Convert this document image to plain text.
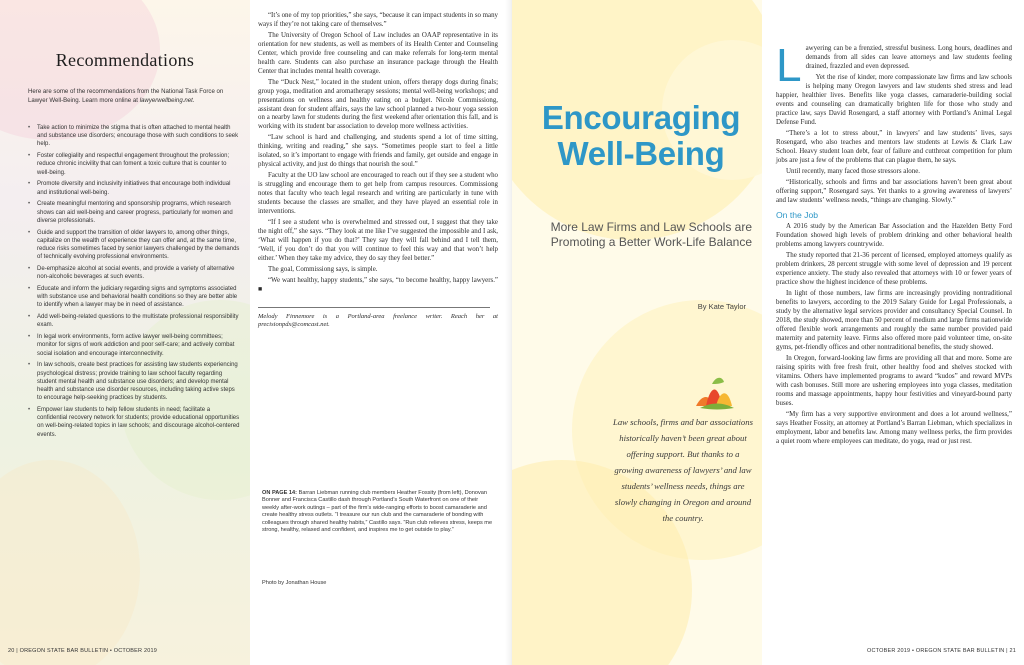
Recommendations

Here are some of the recommendations from the National Task Force on Lawyer Well-Being. Learn more online at lawyerwellbeing.net.

• Take action to minimize the stigma that is often attached to mental health and substance use disorders; encourage those with such conditions to seek help.
• Foster collegiality and respectful engagement throughout the profession; reduce chronic incivility that can foment a toxic culture that is counter to well-being.
• Promote diversity and inclusivity initiatives that encourage both individual and institutional well-being.
• Create meaningful mentoring and sponsorship programs, which research shows can aid well-being and career progress, particularly for women and diverse professionals.
• Guide and support the transition of older lawyers to, among other things, capitalize on the wealth of experience they can offer and, at the same time, reduce risks sometimes faced by senior lawyers challenged by the demands of technically evolving professional environments.
• De-emphasize alcohol at social events, and provide a variety of alternative non-alcoholic beverages at such events.
• Educate and inform the judiciary regarding signs and symptoms associated with substance use and behavioral health conditions so they are better able to identify when a lawyer may be in need of assistance.
• Add well-being-related questions to the multistate professional responsibility exam.
• In legal work environments, form active lawyer well-being committees; monitor for signs of work addiction and poor self-care; and actively combat social isolation and encourage interconnectivity.
• In law schools, create best practices for assisting law students experiencing psychological distress; provide training to law school faculty regarding student mental health and substance use disorders; and develop mental health and substance use disorder resources, including taking active steps to encourage help-seeking practices by students.
• Empower law students to help fellow students in need; facilitate a confidential recovery network for students; provide educational opportunities on well-being-related topics in law schools; and discourage alcohol-centered events.

“It’s one of my top priorities,” she says, “because it can impact students in so many ways if they’re not taking care of themselves.”

The University of Oregon School of Law includes an OAAP representative in its orientation for new students, as well as members of its Health Center and Counseling Center, which provide free counseling and can make referrals for long-term mental health care. Students can also purchase an insurance package through the Health Center that includes mental health coverage.

The “Duck Nest,” located in the student union, offers therapy dogs during finals; group yoga, meditation and aromatherapy sessions; mental well-being workshops; and presentations on wellness and healthy eating on a budget. Nicole Commissiong, assistant dean for student affairs, says the law school planned a two-hour yoga session on a nearby lawn for students during the first weekend after orientation this fall, and is working with its student bar association to develop more wellness activities.

“Law school is hard and challenging, and students spend a lot of time sitting, thinking, writing and reading,” she says. “Sometimes people start to feel a little isolated, so it’s important to engage with friends and family, get outside and engage in physical activity, and just do things that nourish the soul.”

Faculty at the UO law school are encouraged to reach out if they see a student who is struggling and encourage them to get help from campus resources. Commissiong notes that faculty who teach legal research and writing are particularly in tune with students because the classes are smaller, and they have played an essential role in interventions.

“If I see a student who is overwhelmed and stressed out, I suggest that they take the night off,” she says. “They look at me like I’ve suggested the impossible and I ask, ‘What will happen if you do that?’ They say they will fall behind and I tell them, ‘Well, if you don’t do that you will continue to feel this way and that won’t help either.’ When they take my advice, they do say they feel better.”

The goal, Commissiong says, is simple.

“We want healthy, happy students,” she says, “to become healthy, happy lawyers.” ■

Melody Finnemore is a Portland-area freelance writer. Reach her at precisionpdx@comcast.net.

ON PAGE 14: Barran Liebman running club members Heather Fossity (from left), Donovan Bonner and Francisca Castillo dash through Portland’s South Waterfront on one of their weekly after-work outings – part of the firm’s wide-ranging efforts to boost camaraderie and create healthy stress outlets. “I treasure our run club and the camaraderie of bonding with colleagues through shared healthy habits,” Castillo says. “Run club relieves stress, keeps me strong, healthy, relaxed and confident, and inspires me to get outside to play.”

Photo by Jonathan House

20 | OREGON STATE BAR BULLETIN • OCTOBER 2019
Encouraging
Well-Being

More Law Firms and Law Schools are Promoting a Better Work-Life Balance

By Kate Taylor

Law schools, firms and bar associations historically haven’t been great about offering support. But thanks to a growing awareness of lawyers’ and law students’ wellness needs, things are slowly changing in Oregon and around the country.

Lawyering can be a frenzied, stressful business. Long hours, deadlines and demands from all sides can leave attorneys and law students feeling drained, frazzled and even depressed.

Yet the rise of kinder, more compassionate law firms and law schools is helping many Oregon lawyers and law students shed stress and lead happier, healthier lives. Benefits like yoga classes, camaraderie-building social events and counseling can dramatically brighten life for those who study and practice law, says David Rosengard, a staff attorney with Portland’s Animal Legal Defense Fund.

“There’s a lot to stress about,” in lawyers’ and law students’ lives, says Rosengard, who also teaches and mentors law students at Lewis & Clark Law School. Heavy student loan debt, fear of failure and cutthroat competition for plum jobs are just a few of the problems that can plague them, he says.

Until recently, many faced those stressors alone.

“Historically, schools and firms and bar associations haven’t been great about offering support,” Rosengard says. Yet thanks to a growing awareness of lawyers’ and law students’ wellness needs, “things are changing. Slowly.”

On the Job

A 2016 study by the American Bar Association and the Hazelden Betty Ford Foundation showed high levels of problem drinking and other behavioral health problems among lawyers countrywide.

The study reported that 21-36 percent of licensed, employed attorneys qualify as problem drinkers, 28 percent struggle with some level of depression and 19 percent experience anxiety. The study also revealed that attorneys with 10 or fewer years of practice show the highest incidence of these problems.

In light of those numbers, law firms are increasingly providing nontraditional benefits to lawyers, according to the 2019 Salary Guide for Legal Professionals, a study by the alternative legal services provider and consultancy Special Counsel. In 2018, the study showed, more than 50 percent of medium and large firms nationwide offered flexible work arrangements and roughly the same number provided paid maternity and paternity leave. Firms also offered more paid volunteer time, on-site gyms, pet-friendly offices and other nontraditional benefits, the study showed.

In Oregon, forward-looking law firms are providing all that and more. Some are raising spirits with free fresh fruit, other healthy food and shelves stocked with vitamins. Others have implemented programs to award “kudos” and reward MVPs with cash bonuses. Still more are ushering employees into yoga classes, meditation rooms and massage appointments, happy hour festivities and vineyard-bound party buses.

“My firm has a very supportive environment and does a lot around wellness,” says Heather Fossity, an attorney at Portland’s Barran Liebman, which specializes in employment, labor and benefits law. Among many wellness perks, the firm provides a quiet room where employees can meditate, do yoga, read or just rest.

OCTOBER 2019 • OREGON STATE BAR BULLETIN | 21
